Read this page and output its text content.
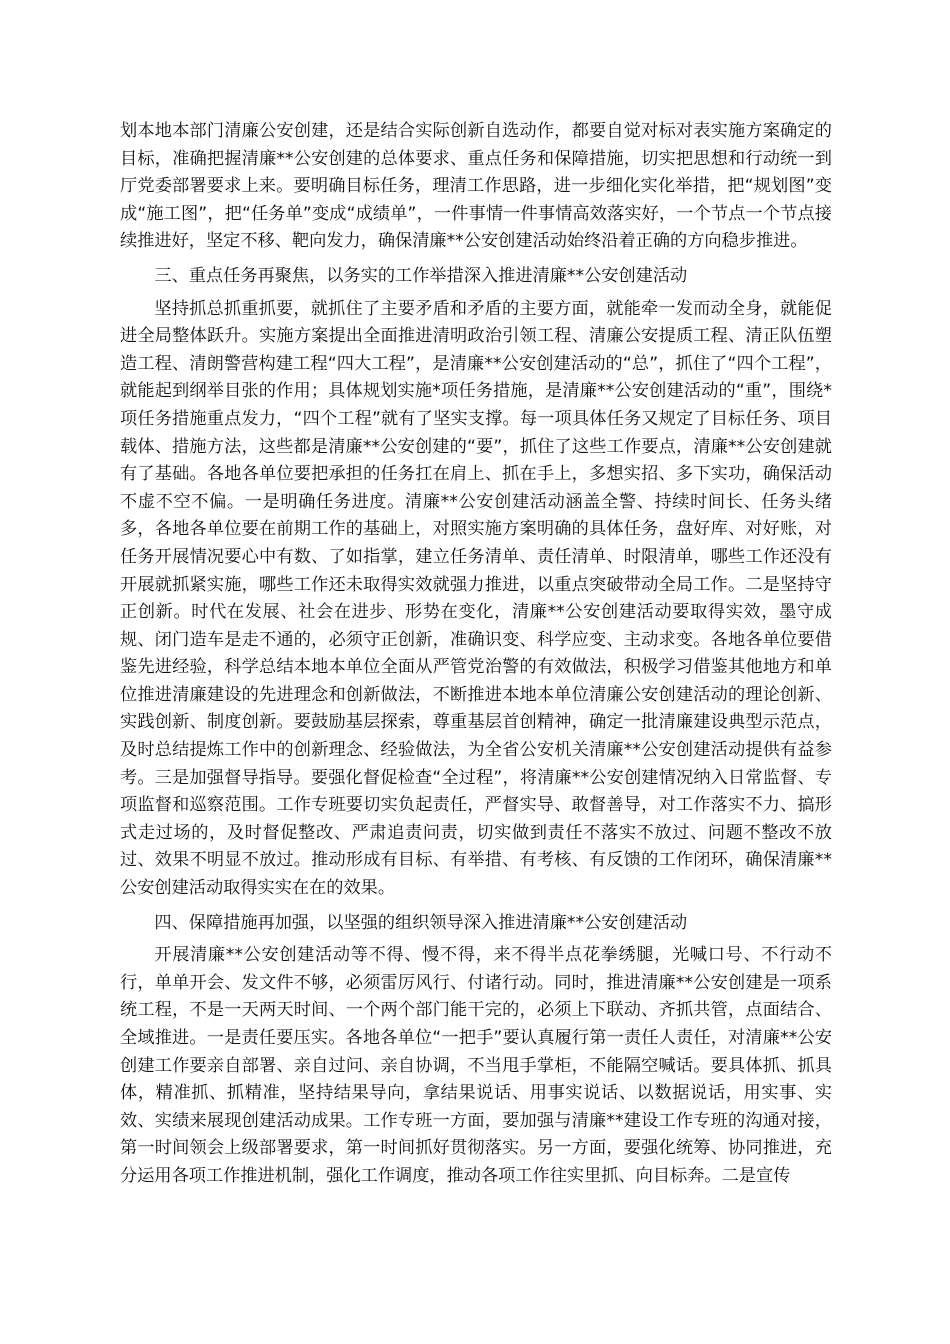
划本地本部门清廉公安创建，还是结合实际创新自选动作，都要自觉对标对表实施方案确定的目标，准确把握清廉**公安创建的总体要求、重点任务和保障措施，切实把思想和行动统一到厅党委部署要求上来。要明确目标任务，理清工作思路，进一步细化实化举措，把“规划图”变成“施工图”，把“任务单”变成“成绩单”，一件事情一件事情高效落实好，一个节点一个节点接续推进好，坚定不移、靶向发力，确保清廉**公安创建活动始终沿着正确的方向稳步推进。

三、重点任务再聚焦，以务实的工作举措深入推进清廉**公安创建活动

坚持抓总抓重抓要，就抓住了主要矛盾和矛盾的主要方面，就能牵一发而动全身，就能促进全局整体跃升。实施方案提出全面推进清明政治引领工程、清廉公安提质工程、清正队伍塑造工程、清朗警营构建工程“四大工程”，是清廉**公安创建活动的“总”，抓住了“四个工程”，就能起到纲举目张的作用；具体规划实施*项任务措施，是清廉**公安创建活动的“重”，围绕*项任务措施重点发力，“四个工程”就有了坚实支撑。每一项具体任务又规定了目标任务、项目载体、措施方法，这些都是清廉**公安创建的“要”，抓住了这些工作要点，清廉**公安创建就有了基础。各地各单位要把承担的任务扛在肩上、抓在手上，多想实招、多下实功，确保活动不虚不空不偏。一是明确任务进度。清廉**公安创建活动涵盖全警、持续时间长、任务头绪多，各地各单位要在前期工作的基础上，对照实施方案明确的具体任务，盘好库、对好账，对任务开展情况要心中有数、了如指掌，建立任务清单、责任清单、时限清单，哪些工作还没有开展就抓紧实施，哪些工作还未取得实效就强力推进，以重点突破带动全局工作。二是坚持守正创新。时代在发展、社会在进步、形势在变化，清廉**公安创建活动要取得实效，墨守成规、闭门造车是走不通的，必须守正创新，准确识变、科学应变、主动求变。各地各单位要借鉴先进经验，科学总结本地本单位全面从严管党治警的有效做法，积极学习借鉴其他地方和单位推进清廉建设的先进理念和创新做法，不断推进本地本单位清廉公安创建活动的理论创新、实践创新、制度创新。要鼓励基层探索，尊重基层首创精神，确定一批清廉建设典型示范点，及时总结提炼工作中的创新理念、经验做法，为全省公安机关清廉**公安创建活动提供有益参考。三是加强督导指导。要强化督促检查“全过程”，将清廉**公安创建情况纳入日常监督、专项监督和巡察范围。工作专班要切实负起责任，严督实导、敢督善导，对工作落实不力、搞形式走过场的，及时督促整改、严肃追责问责，切实做到责任不落实不放过、问题不整改不放过、效果不明显不放过。推动形成有目标、有举措、有考核、有反馈的工作闭环，确保清廉**公安创建活动取得实实在在的效果。

四、保障措施再加强，以坚强的组织领导深入推进清廉**公安创建活动

开展清廉**公安创建活动等不得、慢不得，来不得半点花拳绣腿，光喊口号、不行动不行，单单开会、发文件不够，必须雷厉风行、付诸行动。同时，推进清廉**公安创建是一项系统工程，不是一天两天时间、一个两个部门能干完的，必须上下联动、齐抓共管，点面结合、全域推进。一是责任要压实。各地各单位“一把手”要认真履行第一责任人责任，对清廉**公安创建工作要亲自部署、亲自过问、亲自协调，不当甩手掌柜，不能隔空喊话。要具体抓、抓具体，精准抓、抓精准，坚持结果导向，拿结果说话、用事实说话、以数据说话，用实事、实效、实绩来展现创建活动成果。工作专班一方面，要加强与清廉**建设工作专班的沟通对接，第一时间领会上级部署要求，第一时间抓好贯彻落实。另一方面，要强化统筹、协同推进，充分运用各项工作推进机制，强化工作调度，推动各项工作往实里抓、向目标奔。二是宣传
